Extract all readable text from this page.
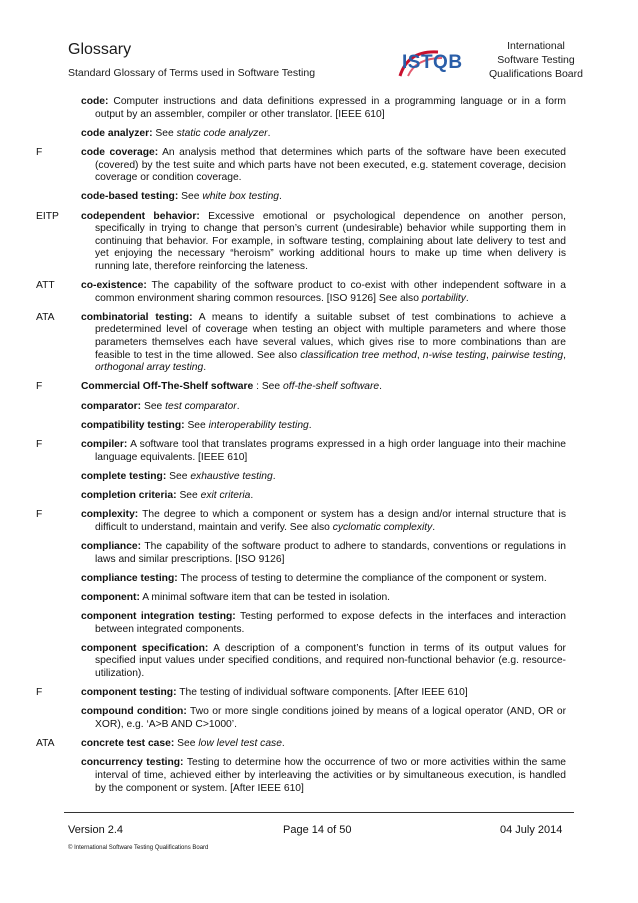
Glossary
Standard Glossary of Terms used in Software Testing	ISTQB
International
Software Testing
Qualifications Board
code: Computer instructions and data definitions expressed in a programming language or in a form output by an assembler, compiler or other translator. [IEEE 610]
code analyzer: See static code analyzer.
F	code coverage: An analysis method that determines which parts of the software have been executed (covered) by the test suite and which parts have not been executed, e.g. statement coverage, decision coverage or condition coverage.
code-based testing: See white box testing.
EITP	codependent behavior: Excessive emotional or psychological dependence on another person, specifically in trying to change that person’s current (undesirable) behavior while supporting them in continuing that behavior. For example, in software testing, complaining about late delivery to test and yet enjoying the necessary “heroism” working additional hours to make up time when delivery is running late, therefore reinforcing the lateness.
ATT	co-existence: The capability of the software product to co-exist with other independent software in a common environment sharing common resources. [ISO 9126] See also portability.
ATA	combinatorial testing: A means to identify a suitable subset of test combinations to achieve a predetermined level of coverage when testing an object with multiple parameters and where those parameters themselves each have several values, which gives rise to more combinations than are feasible to test in the time allowed. See also classification tree method, n-wise testing, pairwise testing, orthogonal array testing.
F	Commercial Off-The-Shelf software : See off-the-shelf software.
comparator: See test comparator.
compatibility testing: See interoperability testing.
F	compiler: A software tool that translates programs expressed in a high order language into their machine language equivalents. [IEEE 610]
complete testing: See exhaustive testing.
completion criteria: See exit criteria.
F	complexity: The degree to which a component or system has a design and/or internal structure that is difficult to understand, maintain and verify. See also cyclomatic complexity.
compliance: The capability of the software product to adhere to standards, conventions or regulations in laws and similar prescriptions. [ISO 9126]
compliance testing: The process of testing to determine the compliance of the component or system.
component: A minimal software item that can be tested in isolation.
component integration testing: Testing performed to expose defects in the interfaces and interaction between integrated components.
component specification: A description of a component’s function in terms of its output values for specified input values under specified conditions, and required non-functional behavior (e.g. resource-utilization).
F	component testing: The testing of individual software components. [After IEEE 610]
compound condition: Two or more single conditions joined by means of a logical operator (AND, OR or XOR), e.g. ‘A>B AND C>1000’.
ATA	concrete test case: See low level test case.
concurrency testing: Testing to determine how the occurrence of two or more activities within the same interval of time, achieved either by interleaving the activities or by simultaneous execution, is handled by the component or system. [After IEEE 610]
Version 2.4	Page 14 of 50	04 July 2014
© International Software Testing Qualifications Board
